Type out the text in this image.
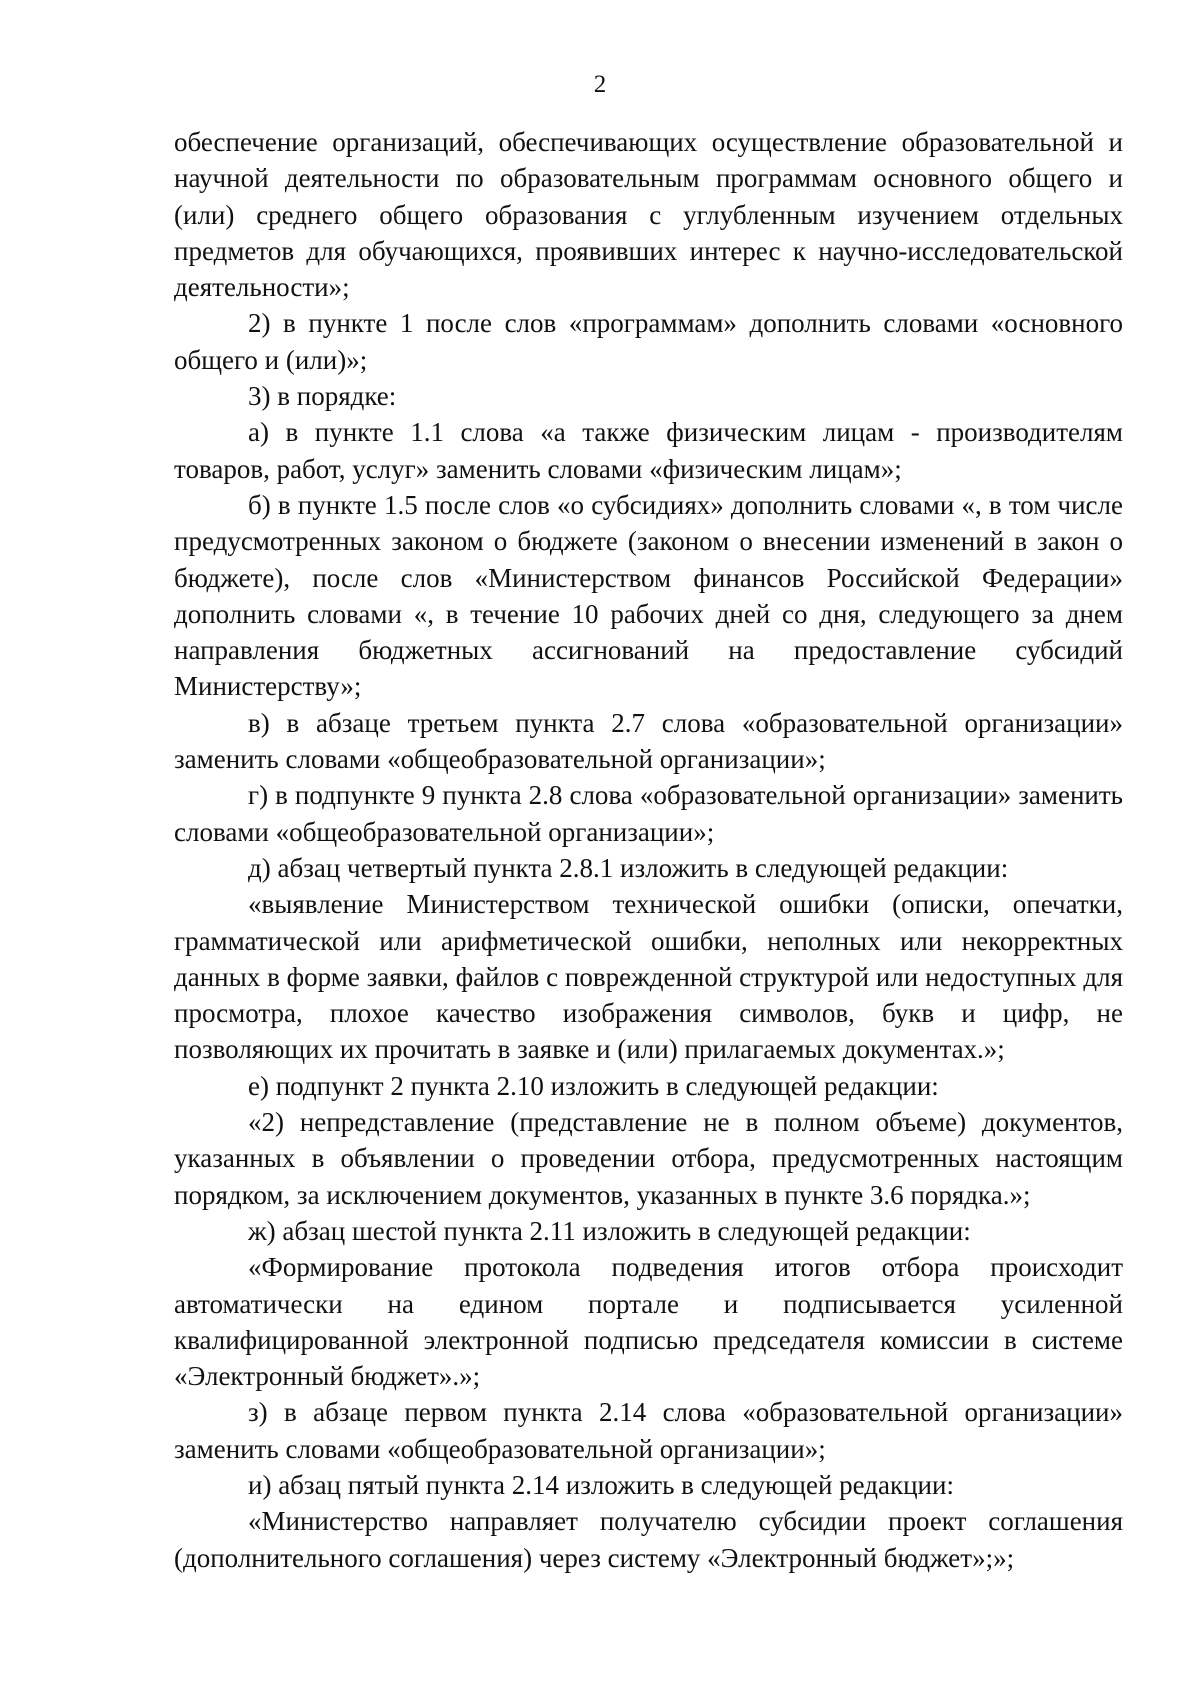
2

обеспечение организаций, обеспечивающих осуществление образовательной и научной деятельности по образовательным программам основного общего и (или) среднего общего образования с углубленным изучением отдельных предметов для обучающихся, проявивших интерес к научно-исследовательской деятельности»;

2) в пункте 1 после слов «программам» дополнить словами «основного общего и (или)»;

3) в порядке:

а) в пункте 1.1 слова «а также физическим лицам - производителям товаров, работ, услуг» заменить словами «физическим лицам»;

б) в пункте 1.5 после слов «о субсидиях» дополнить словами «, в том числе предусмотренных законом о бюджете (законом о внесении изменений в закон о бюджете), после слов «Министерством финансов Российской Федерации» дополнить словами «, в течение 10 рабочих дней со дня, следующего за днем направления бюджетных ассигнований на предоставление субсидий Министерству»;

в) в абзаце третьем пункта 2.7 слова «образовательной организации» заменить словами «общеобразовательной организации»;

г) в подпункте 9 пункта 2.8 слова «образовательной организации» заменить словами «общеобразовательной организации»;

д) абзац четвертый пункта 2.8.1 изложить в следующей редакции:

«выявление Министерством технической ошибки (описки, опечатки, грамматической или арифметической ошибки, неполных или некорректных данных в форме заявки, файлов с поврежденной структурой или недоступных для просмотра, плохое качество изображения символов, букв и цифр, не позволяющих их прочитать в заявке и (или) прилагаемых документах.»;

е) подпункт 2 пункта 2.10 изложить в следующей редакции:

«2) непредставление (представление не в полном объеме) документов, указанных в объявлении о проведении отбора, предусмотренных настоящим порядком, за исключением документов, указанных в пункте 3.6 порядка.»;

ж) абзац шестой пункта 2.11 изложить в следующей редакции:

«Формирование протокола подведения итогов отбора происходит автоматически на едином портале и подписывается усиленной квалифицированной электронной подписью председателя комиссии в системе «Электронный бюджет».»;

з) в абзаце первом пункта 2.14 слова «образовательной организации» заменить словами «общеобразовательной организации»;

и) абзац пятый пункта 2.14 изложить в следующей редакции:

«Министерство направляет получателю субсидии проект соглашения (дополнительного соглашения) через систему «Электронный бюджет»;»;
